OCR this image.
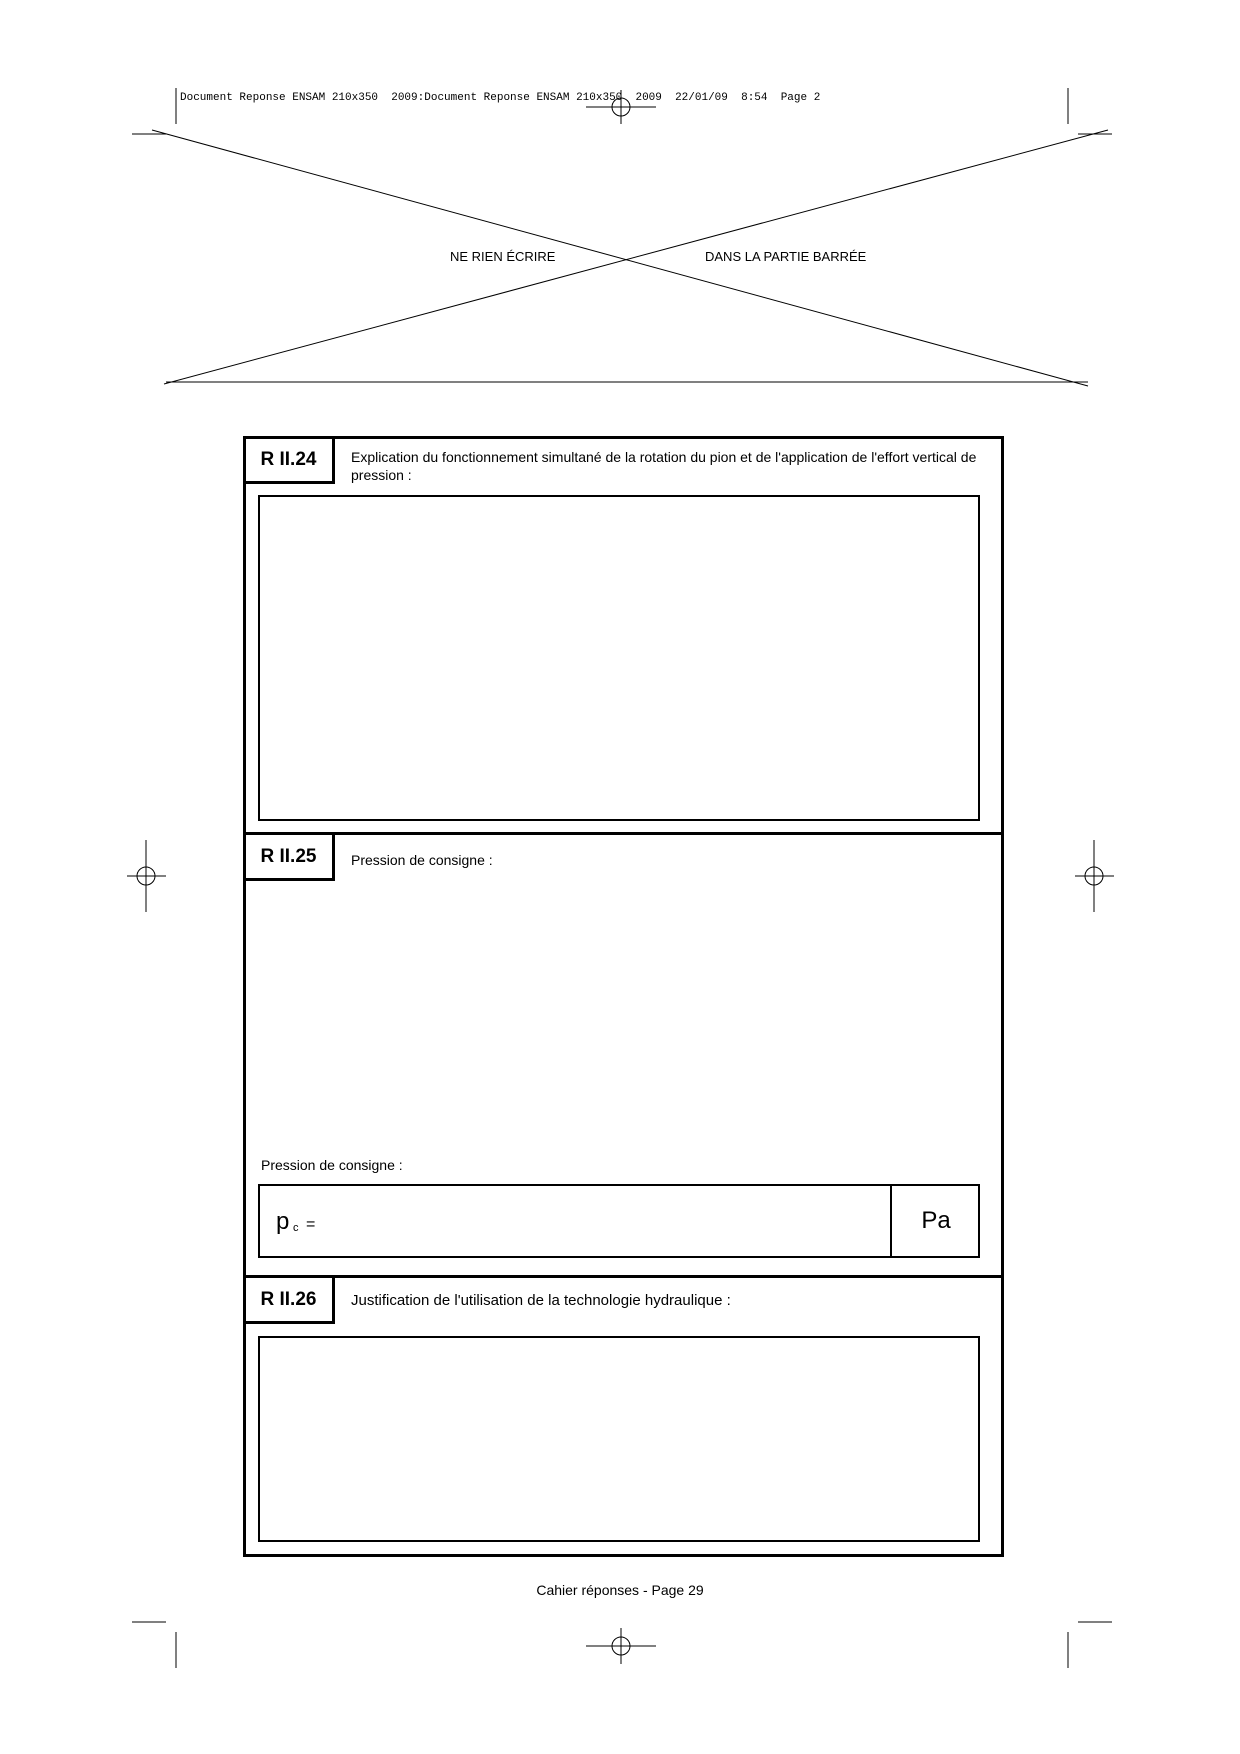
Document Reponse ENSAM 210x350  2009:Document Reponse ENSAM 210x350  2009  22/01/09  8:54  Page 2
NE RIEN ÉCRIRE	DANS LA PARTIE BARRÉE
R II.24	Explication du fonctionnement simultané de la rotation du pion et de l'application de l'effort vertical de pression :
R II.25	Pression de consigne :
Pression de consigne :
p c =	Pa
R II.26	Justification de l'utilisation de la technologie hydraulique :
Cahier réponses - Page 29
